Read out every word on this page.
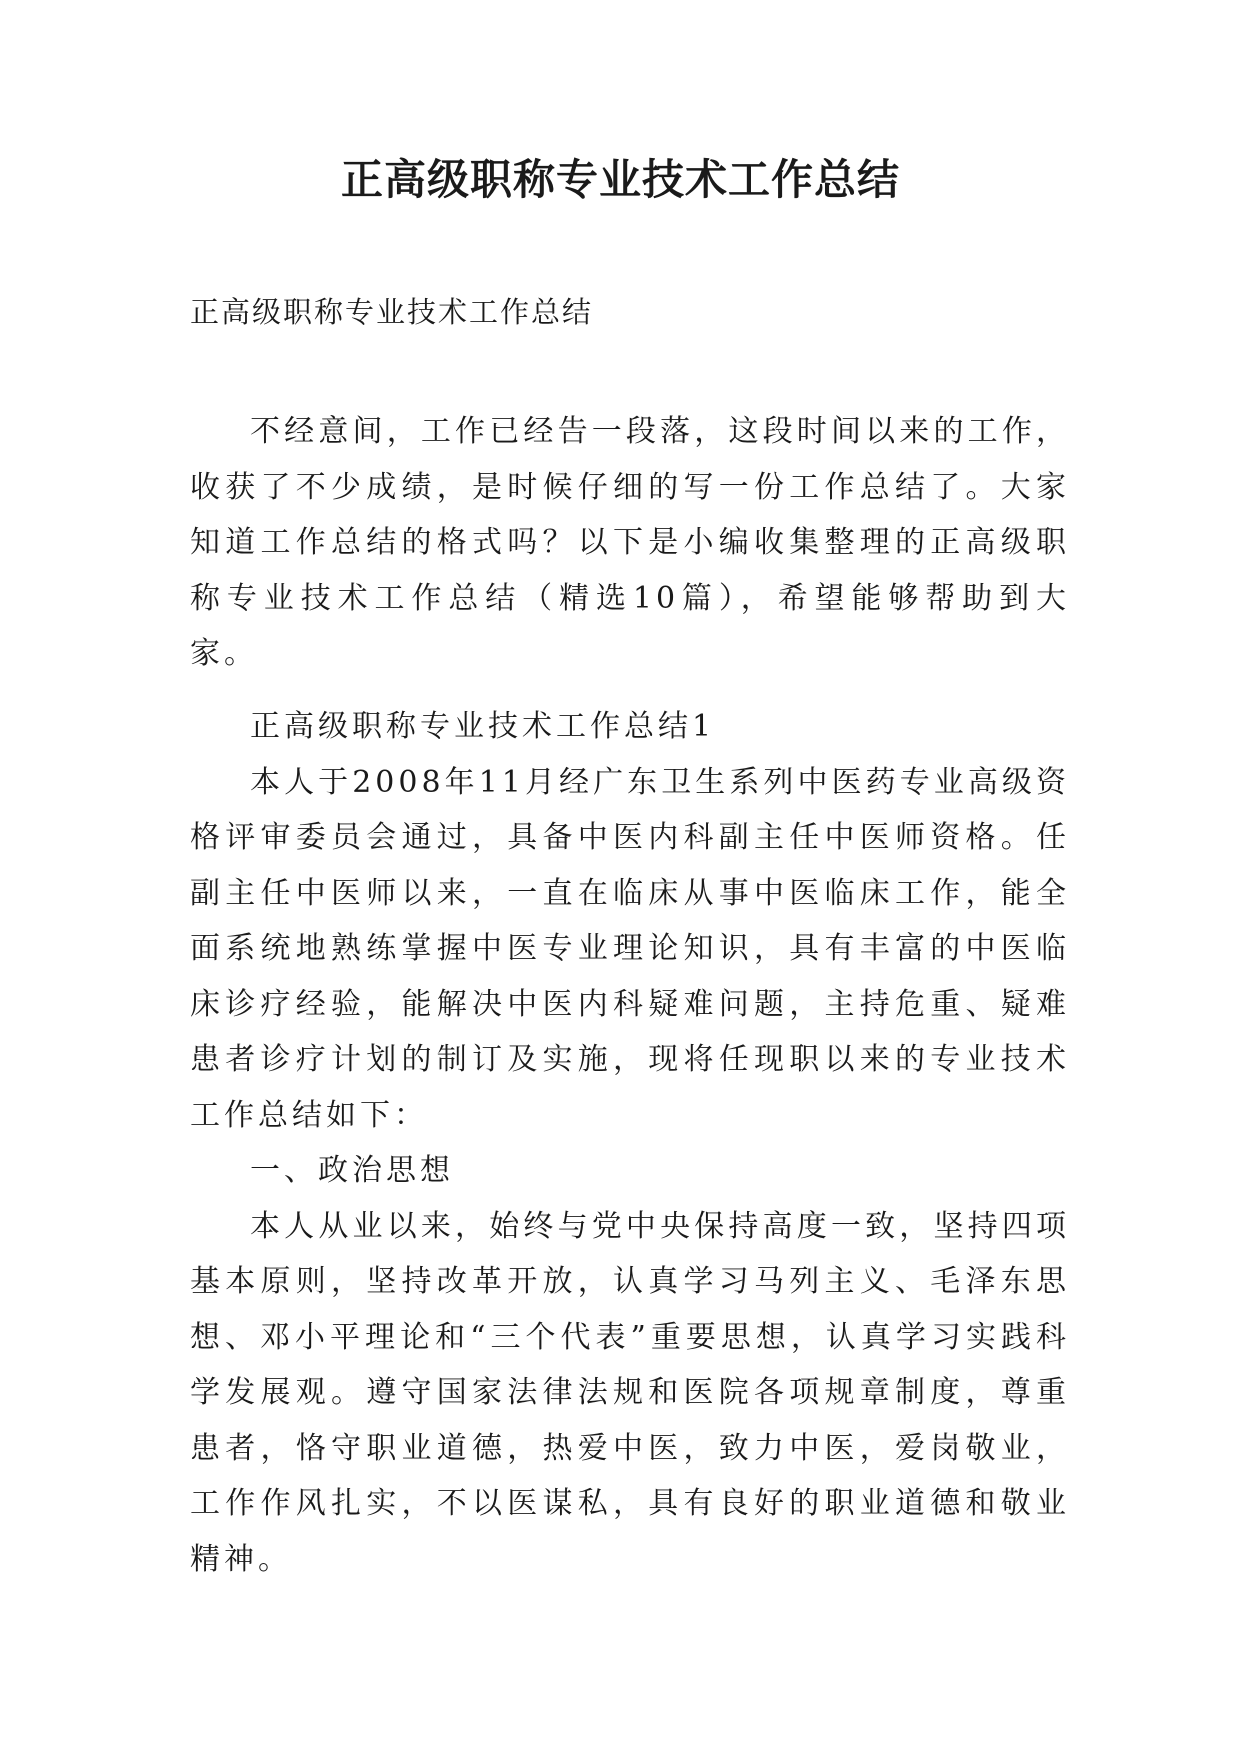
正高级职称专业技术工作总结

正高级职称专业技术工作总结

不经意间，工作已经告一段落，这段时间以来的工作，收获了不少成绩，是时候仔细的写一份工作总结了。大家知道工作总结的格式吗？以下是小编收集整理的正高级职称专业技术工作总结（精选10篇），希望能够帮助到大家。

正高级职称专业技术工作总结1

本人于2008年11月经广东卫生系列中医药专业高级资格评审委员会通过，具备中医内科副主任中医师资格。任副主任中医师以来，一直在临床从事中医临床工作，能全面系统地熟练掌握中医专业理论知识，具有丰富的中医临床诊疗经验，能解决中医内科疑难问题，主持危重、疑难患者诊疗计划的制订及实施，现将任现职以来的专业技术工作总结如下：

一、政治思想

本人从业以来，始终与党中央保持高度一致，坚持四项基本原则，坚持改革开放，认真学习马列主义、毛泽东思想、邓小平理论和“三个代表”重要思想，认真学习实践科学发展观。遵守国家法律法规和医院各项规章制度，尊重患者，恪守职业道德，热爱中医，致力中医，爱岗敬业，工作作风扎实，不以医谋私，具有良好的职业道德和敬业精神。
